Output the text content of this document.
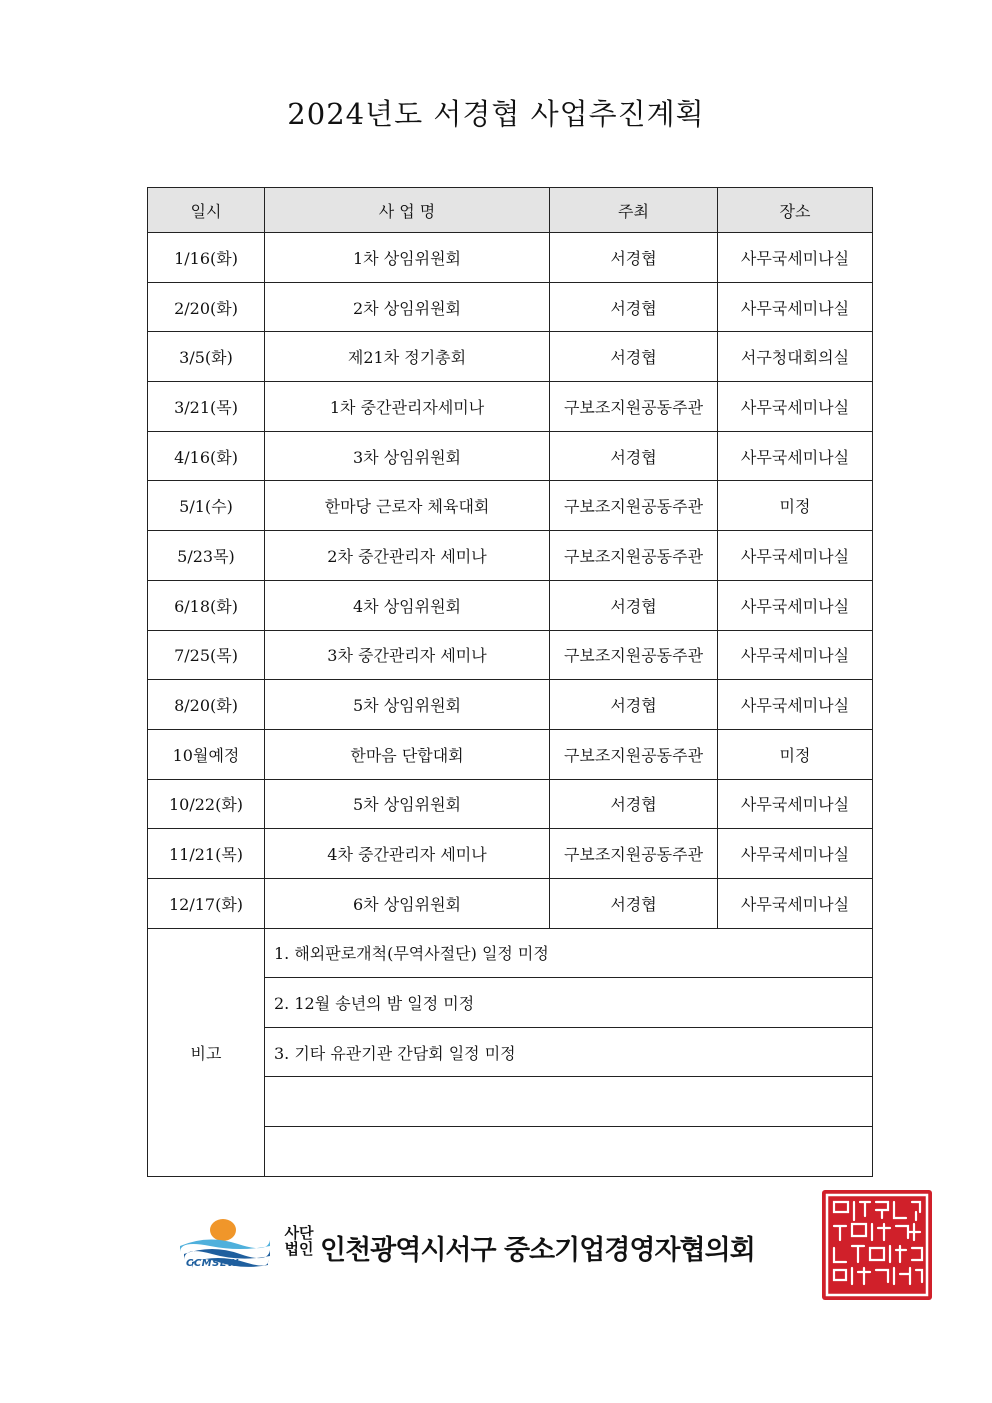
2024년도 서경협 사업추진계획
일시	사 업 명	주최	장소
1/16(화)	1차 상임위원회	서경협	사무국세미나실
2/20(화)	2차 상임위원회	서경협	사무국세미나실
3/5(화)	제21차 정기총회	서경협	서구청대회의실
3/21(목)	1차 중간관리자세미나	구보조지원공동주관	사무국세미나실
4/16(화)	3차 상임위원회	서경협	사무국세미나실
5/1(수)	한마당 근로자 체육대회	구보조지원공동주관	미정
5/23목)	2차 중간관리자 세미나	구보조지원공동주관	사무국세미나실
6/18(화)	4차 상임위원회	서경협	사무국세미나실
7/25(목)	3차 중간관리자 세미나	구보조지원공동주관	사무국세미나실
8/20(화)	5차 상임위원회	서경협	사무국세미나실
10월예정	한마음 단합대회	구보조지원공동주관	미정
10/22(화)	5차 상임위원회	서경협	사무국세미나실
11/21(목)	4차 중간관리자 세미나	구보조지원공동주관	사무국세미나실
12/17(화)	6차 상임위원회	서경협	사무국세미나실
비고	1. 해외판로개척(무역사절단) 일정 미정		
	2. 12월 송년의 밤 일정 미정		
	3. 기타 유관기관 간담회 일정 미정		

CCMSEW
사단
법인 인천광역시서구 중소기업경영자협의회
